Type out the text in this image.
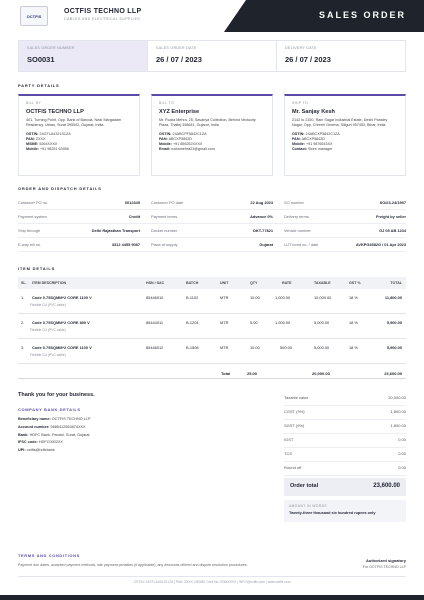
OCTFIS
OCTFIS TECHNO LLP
CABLES AND ELECTRICAL SUPPLIES	SALES ORDER
SALES ORDER NUMBER
SO0031
SALES ORDER DATE
26 / 07 / 2023
DELIVERY DATE
26 / 07 / 2023
PARTY DETAILS
BILL BY
OCTFIS TECHNO LLP
401, Turning Point, Opp. Bank of Baroda, Near Margadam Residency, Uttran, Surat 395002, Gujarat, India
GSTIN: 24GTLA4321S1ZA
PAN: ZXXX
MSME: 5264XXXX
Mobile: +91 98251 63956
BILL TO
XYZ Enterprise
Mr. Rudra Mehra, 25, Savariya Collection, Behind Vectocity Plaza, Thaltej 358641, Gujarat, India
GSTIN: 24ABCPF5842C1ZA
PAN: ABCXP5842D
Mobile: +91 856252XXXX
Email: rudramehra23@gmail.com
SHIP TO
Mr. Sanjay Kesh
2142 to 2150, Ram Sagar Industrial Estate, Deshi Pansley Nagar, Opp. Chhrmi Cinema, Siliguri 957453, Bihar, India
GSTIN: 24ABCXP5842C1ZA
PAN: ABCXP5842D
Mobile: +91 9876543XX
Contact: Store manager
ORDER AND DISPATCH DETAILS
Customer PO no.	0012345	Customer PO date	22 Aug 2023	SO number	SO/23-24/1997
Payment system	Credit	Payment terms	Advance 0%	Delivery terms	Freight by seller
Ship through	Delhi Rajasthan Transport	Docket number	DKT-77821	Vehicle number	GJ 05 AB 1234
E-way bill no.	3312 4455 9087	Place of supply	Gujarat	LUT bond no. / date	AVKPG4582G / 01 Apr 2023
ITEM DETAILS
SL. ITEM DESCRIPTION	HSN / SAC	BATCH	UNIT	QTY	RATE	TAXABLE	GST %	TOTAL
1. Code 0.75SQMM*2 CORE 1100 V
Flexible CU (PVC cable)
85446010	B-1102	MTR	10.00	1,000.00	10,000.00	18 %	11,800.00
2. Code 0.75SQMM*2 CORE 800 V
Flexible CU (PVC cable)
85444011	B-1204	MTR	5.00	1,000.00	5,000.00	18 %	5,900.00
3. Code 0.75SQMM*2 CORE 1100 V
Flexible CU (PVC cable)
85446012	B-1508	MTR	10.00	500.00	5,000.00	18 %	5,900.00
Total	25.00	20,000.00	23,600.00
Thank you for your business.
COMPANY BANK DETAILS
Beneficiary name: OCTFIS TECHNO LLP
Account number: 5685412563874XXX
Bank: HDFC Bank, Pandol, Surat, Gujarat
IFSC code: HDFC0002XX
UPI: octfis@hdfcbank
Taxable value	20,000.00
CGST (9%)	1,800.00
SGST (9%)	1,800.00
IGST	0.00
TCS	0.00
Round off	0.00
Order total	23,600.00
AMOUNT IN WORDS
Twenty-three thousand six hundred rupees only
TERMS AND CONDITIONS
Payment due dates, accepted payment methods, late payment penalties (if applicable), any discounts offered and dispute resolution procedures.
Authorized signatory
For OCTFIS TECHNO LLP
GSTIN: 24GTLA4321S1ZA | PAN: ZXXX | MSME Certi No: 5264XXXX | INFO@octfis.com | www.octfis.com
